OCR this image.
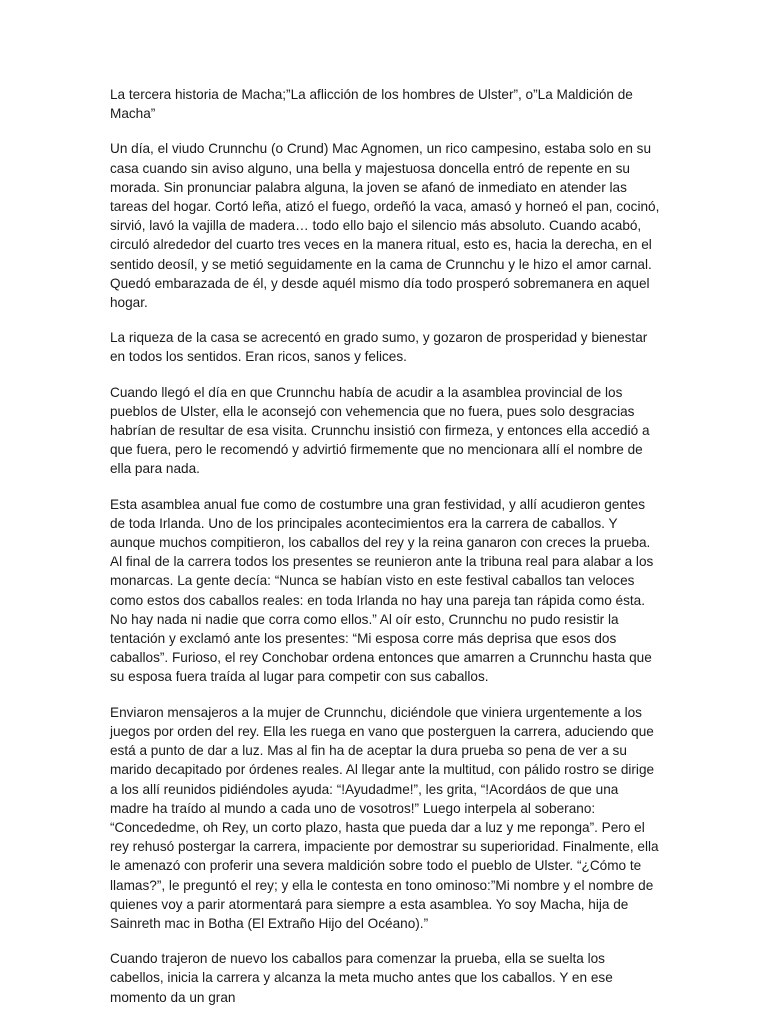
La tercera historia de Macha;”La aflicción de los hombres de Ulster”, o”La Maldición de Macha”

Un día, el viudo Crunnchu (o Crund) Mac Agnomen, un rico campesino, estaba solo en su casa cuando sin aviso alguno, una bella y majestuosa doncella entró de repente en su morada. Sin pronunciar palabra alguna, la joven se afanó de inmediato en atender las tareas del hogar. Cortó leña, atizó el fuego, ordeñó la vaca, amasó y horneó el pan, cocinó, sirvió, lavó la vajilla de madera… todo ello bajo el silencio más absoluto. Cuando acabó, circuló alrededor del cuarto tres veces en la manera ritual, esto es, hacia la derecha, en el sentido deosíl, y se metió seguidamente en la cama de Crunnchu y le hizo el amor carnal. Quedó embarazada de él, y desde aquél mismo día todo prosperó sobremanera en aquel hogar.

La riqueza de la casa se acrecentó en grado sumo, y gozaron de prosperidad y bienestar en todos los sentidos. Eran ricos, sanos y felices.

Cuando llegó el día en que Crunnchu había de acudir a la asamblea provincial de los pueblos de Ulster, ella le aconsejó con vehemencia que no fuera, pues solo desgracias habrían de resultar de esa visita. Crunnchu insistió con firmeza, y entonces ella accedió a que fuera, pero le recomendó y advirtió firmemente que no mencionara allí el nombre de ella para nada.

Esta asamblea anual fue como de costumbre una gran festividad, y allí acudieron gentes de toda Irlanda. Uno de los principales acontecimientos era la carrera de caballos. Y aunque muchos compitieron, los caballos del rey y la reina ganaron con creces la prueba. Al final de la carrera todos los presentes se reunieron ante la tribuna real para alabar a los monarcas. La gente decía: “Nunca se habían visto en este festival caballos tan veloces como estos dos caballos reales: en toda Irlanda no hay una pareja tan rápida como ésta. No hay nada ni nadie que corra como ellos.” Al oír esto, Crunnchu no pudo resistir la tentación y exclamó ante los presentes: “Mi esposa corre más deprisa que esos dos caballos”. Furioso, el rey Conchobar ordena entonces que amarren a Crunnchu hasta que su esposa fuera traída al lugar para competir con sus caballos.

Enviaron mensajeros a la mujer de Crunnchu, diciéndole que viniera urgentemente a los juegos por orden del rey. Ella les ruega en vano que posterguen la carrera, aduciendo que está a punto de dar a luz. Mas al fin ha de aceptar la dura prueba so pena de ver a su marido decapitado por órdenes reales. Al llegar ante la multitud, con pálido rostro se dirige a los allí reunidos pidiéndoles ayuda: “!Ayudadme!”, les grita, “!Acordáos de que una madre ha traído al mundo a cada uno de vosotros!” Luego interpela al soberano: “Concededme, oh Rey, un corto plazo, hasta que pueda dar a luz y me reponga”. Pero el rey rehusó postergar la carrera, impaciente por demostrar su superioridad. Finalmente, ella le amenazó con proferir una severa maldición sobre todo el pueblo de Ulster. “¿Cómo te llamas?”, le preguntó el rey; y ella le contesta en tono ominoso:”Mi nombre y el nombre de quienes voy a parir atormentará para siempre a esta asamblea. Yo soy Macha, hija de Sainreth mac in Botha (El Extraño Hijo del Océano).”

Cuando trajeron de nuevo los caballos para comenzar la prueba, ella se suelta los cabellos, inicia la carrera y alcanza la meta mucho antes que los caballos. Y en ese momento da un gran
